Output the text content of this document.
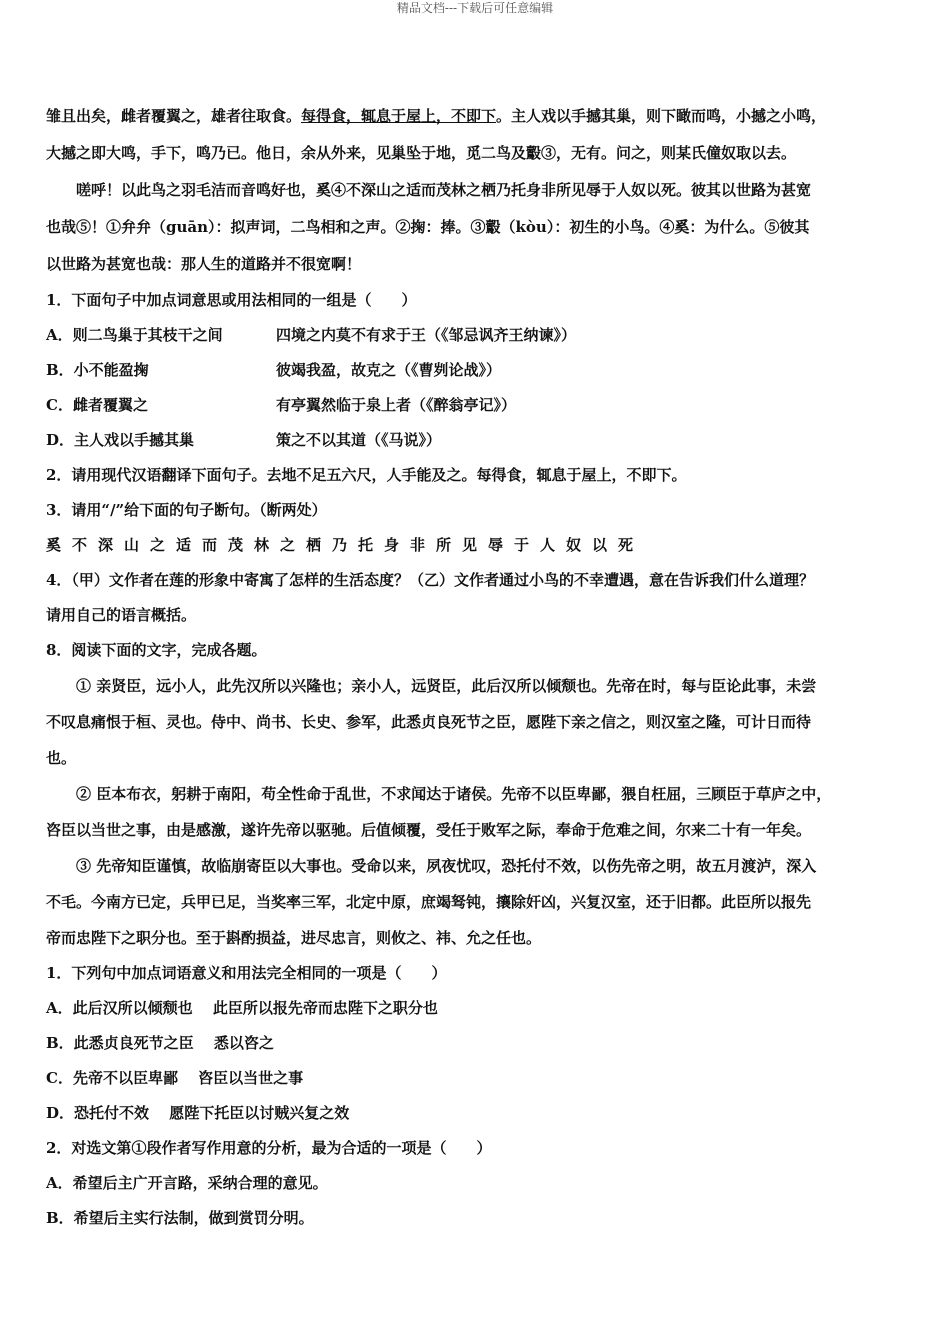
精品文档---下载后可任意编辑

雏且出矣，雌者覆翼之，雄者往取食。每得食，辄息于屋上，不即下。主人戏以手撼其巢，则下瞰而鸣，小撼之小鸣，

大撼之即大鸣，手下，鸣乃已。他日，余从外来，见巢坠于地，觅二鸟及鷇③，无有。问之，则某氏僮奴取以去。

嗟呼！以此鸟之羽毛洁而音鸣好也，奚④不深山之适而茂林之栖乃托身非所见辱于人奴以死。彼其以世路为甚宽

也哉⑤！①弁弁（guān）：拟声词，二鸟相和之声。②掬：捧。③鷇（kòu）：初生的小鸟。④奚：为什么。⑤彼其

以世路为甚宽也哉：那人生的道路并不很宽啊！

1．下面句子中加点词意思或用法相同的一组是（　　）

A．则二鸟巢于其枝干之间	四境之内莫不有求于王（《邹忌讽齐王纳谏》）
B．小不能盈掬	彼竭我盈，故克之（《曹刿论战》）
C．雌者覆翼之	有亭翼然临于泉上者（《醉翁亭记》）
D．主人戏以手撼其巢	策之不以其道（《马说》）

2．请用现代汉语翻译下面句子。去地不足五六尺，人手能及之。每得食，辄息于屋上，不即下。

3．请用“/”给下面的句子断句。（断两处）

奚不深山之适而茂林之栖乃托身非所见辱于人奴以死

4．（甲）文作者在莲的形象中寄寓了怎样的生活态度？（乙）文作者通过小鸟的不幸遭遇，意在告诉我们什么道理？

请用自己的语言概括。

8．阅读下面的文字，完成各题。

① 亲贤臣，远小人，此先汉所以兴隆也；亲小人，远贤臣，此后汉所以倾颓也。先帝在时，每与臣论此事，未尝

不叹息痛恨于桓、灵也。侍中、尚书、长史、参军，此悉贞良死节之臣，愿陛下亲之信之，则汉室之隆，可计日而待

也。

② 臣本布衣，躬耕于南阳，苟全性命于乱世，不求闻达于诸侯。先帝不以臣卑鄙，猥自枉屈，三顾臣于草庐之中，

咨臣以当世之事，由是感激，遂许先帝以驱驰。后值倾覆，受任于败军之际，奉命于危难之间，尔来二十有一年矣。

③ 先帝知臣谨慎，故临崩寄臣以大事也。受命以来，夙夜忧叹，恐托付不效，以伤先帝之明，故五月渡泸，深入

不毛。今南方已定，兵甲已足，当奖率三军，北定中原，庶竭驽钝，攘除奸凶，兴复汉室，还于旧都。此臣所以报先

帝而忠陛下之职分也。至于斟酌损益，进尽忠言，则攸之、祎、允之任也。

1．下列句中加点词语意义和用法完全相同的一项是（　　）

A．此后汉所以倾颓也　 此臣所以报先帝而忠陛下之职分也

B．此悉贞良死节之臣　 悉以咨之

C．先帝不以臣卑鄙　 咨臣以当世之事

D．恐托付不效　 愿陛下托臣以讨贼兴复之效

2．对选文第①段作者写作用意的分析，最为合适的一项是（　　）

A．希望后主广开言路，采纳合理的意见。

B．希望后主实行法制，做到赏罚分明。
